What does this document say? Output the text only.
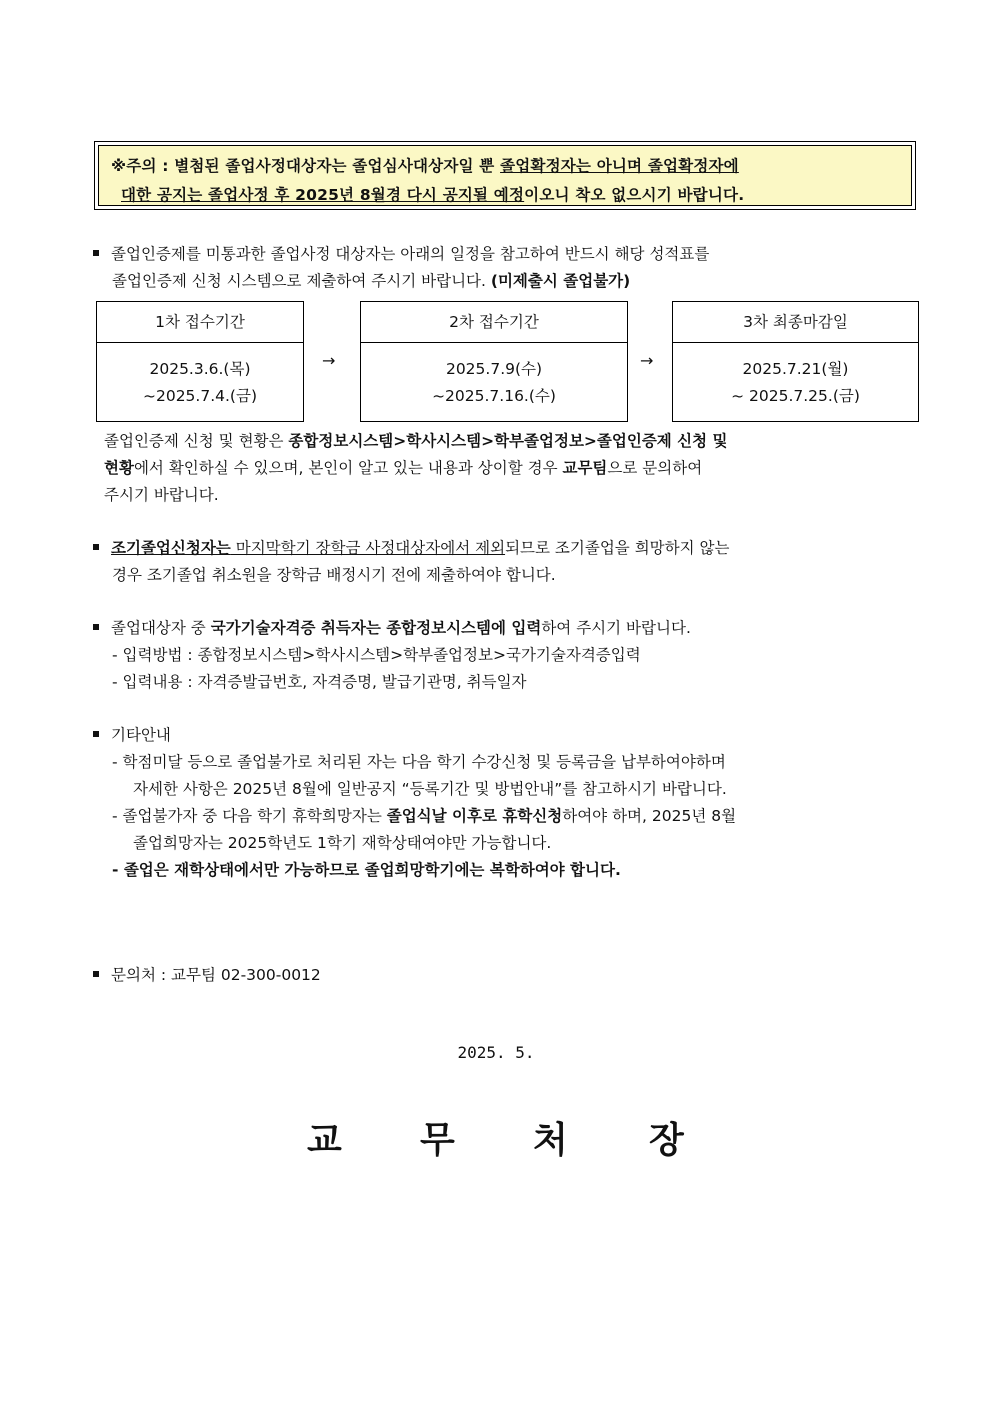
※주의 : 별첨된 졸업사정대상자는 졸업심사대상자일 뿐 졸업확정자는 아니며 졸업확정자에
대한 공지는 졸업사정 후 2025년 8월경 다시 공지될 예정이오니 착오 없으시기 바랍니다.
졸업인증제를 미통과한 졸업사정 대상자는 아래의 일정을 참고하여 반드시 해당 성적표를
졸업인증제 신청 시스템으로 제출하여 주시기 바랍니다. (미제출시 졸업불가)
1차 접수기간
2025.3.6.(목)
~2025.7.4.(금)
→
2차 접수기간
2025.7.9(수)
~2025.7.16.(수)
→
3차 최종마감일
2025.7.21(월)
~ 2025.7.25.(금)
졸업인증제 신청 및 현황은 종합정보시스템>학사시스템>학부졸업정보>졸업인증제 신청 및
현황에서 확인하실 수 있으며, 본인이 알고 있는 내용과 상이할 경우 교무팀으로 문의하여
주시기 바랍니다.
조기졸업신청자는 마지막학기 장학금 사정대상자에서 제외되므로 조기졸업을 희망하지 않는
경우 조기졸업 취소원을 장학금 배정시기 전에 제출하여야 합니다.
졸업대상자 중 국가기술자격증 취득자는 종합정보시스템에 입력하여 주시기 바랍니다.
- 입력방법 : 종합정보시스템>학사시스템>학부졸업정보>국가기술자격증입력
- 입력내용 : 자격증발급번호, 자격증명, 발급기관명, 취득일자
기타안내
- 학점미달 등으로 졸업불가로 처리된 자는 다음 학기 수강신청 및 등록금을 납부하여야하며
자세한 사항은 2025년 8월에 일반공지 “등록기간 및 방법안내”를 참고하시기 바랍니다.
- 졸업불가자 중 다음 학기 휴학희망자는 졸업식날 이후로 휴학신청하여야 하며, 2025년 8월
졸업희망자는 2025학년도 1학기 재학상태여야만 가능합니다.
- 졸업은 재학상태에서만 가능하므로 졸업희망학기에는 복학하여야 합니다.
문의처 : 교무팀 02-300-0012
2025. 5.
교 무 처 장
